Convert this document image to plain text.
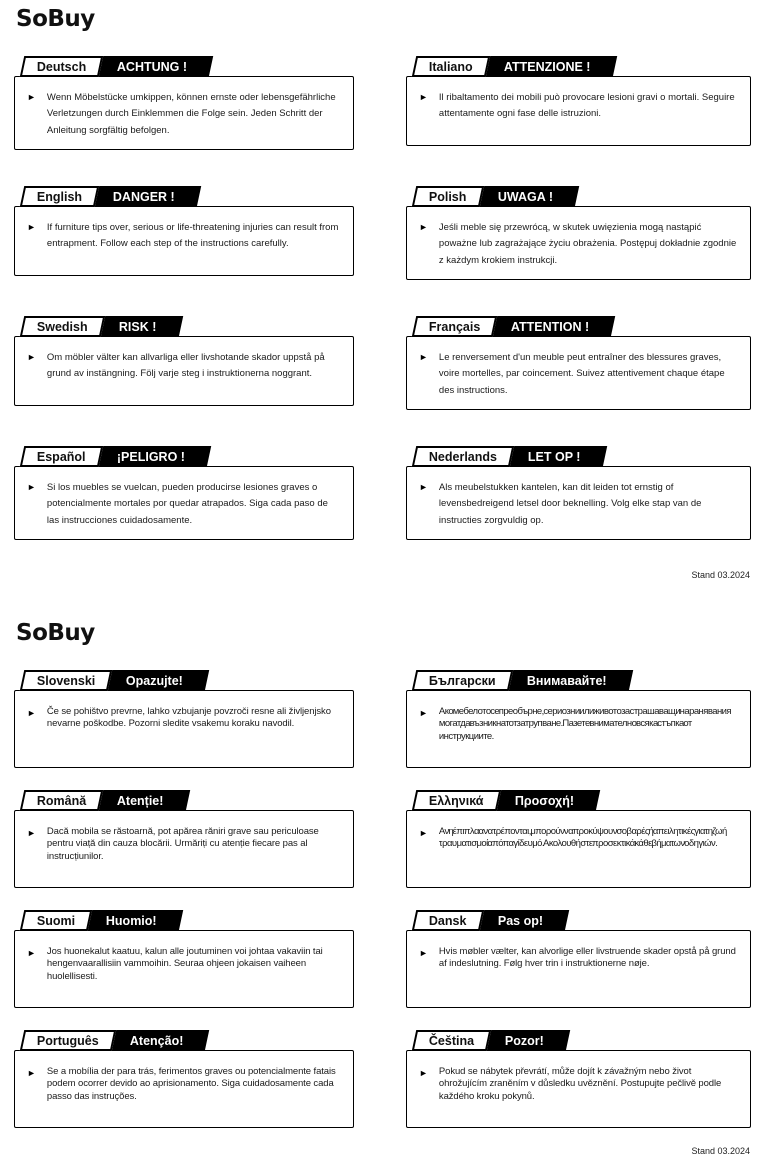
SoBuy
Deutsch ACHTUNG !
► Wenn Möbelstücke umkippen, können ernste oder lebensgefährliche Verletzungen durch Einklemmen die Folge sein. Jeden Schritt der Anleitung sorgfältig befolgen.

Italiano ATTENZIONE !
► Il ribaltamento dei mobili può provocare lesioni gravi o mortali. Seguire attentamente ogni fase delle istruzioni.

English DANGER !
► If furniture tips over, serious or life-threatening injuries can result from entrapment. Follow each step of the instructions carefully.

Polish UWAGA !
► Jeśli meble się przewrócą, w skutek uwięzienia mogą nastąpić poważne lub zagrażające życiu obrażenia. Postępuj dokładnie zgodnie z każdym krokiem instrukcji.

Swedish RISK !
► Om möbler välter kan allvarliga eller livshotande skador uppstå på grund av instängning. Följ varje steg i instruktionerna noggrant.

Français ATTENTION !
► Le renversement d'un meuble peut entraîner des blessures graves, voire mortelles, par coincement. Suivez attentivement chaque étape des instructions.

Español ¡PELIGRO !
► Si los muebles se vuelcan, pueden producirse lesiones graves o potencialmente mortales por quedar atrapados. Siga cada paso de las instrucciones cuidadosamente.

Nederlands LET OP !
► Als meubelstukken kantelen, kan dit leiden tot ernstig of levensbedreigend letsel door beknelling. Volg elke stap van de instructies zorgvuldig op.

Stand 03.2024
SoBuy
Slovenski Opazujte!
► Če se pohištvo prevrne, lahko vzbujanje povzroči resne ali življenjsko nevarne poškodbe. Pozorni sledite vsakemu koraku navodil.

Български Внимавайте!
► Ако мебелото се преобърне, сериозни или животозастрашаващи наранявания могат да възникнат от затрупване. Пазете внимателно всяка стъпка от инструкциите.

Română Atenție!
► Dacă mobila se răstoarnă, pot apărea răniri grave sau periculoase pentru viață din cauza blocării. Urmăriți cu atenție fiecare pas al instrucțiunilor.

Ελληνικά Προσοχή!
► Αν η έπιπλα ανατρέπονται, μπορούν να προκύψουν σοβαρές ή απειλητικές για τη ζωή τραυματισμοί από παγίδευμό. Ακολουθήστε προσεκτικά κάθε βήμα των οδηγιών.

Suomi Huomio!
► Jos huonekalut kaatuu, kalun alle joutuminen voi johtaa vakaviin tai hengenvaarallisiin vammoihin. Seuraa ohjeen jokaisen vaiheen huolellisesti.

Dansk Pas op!
► Hvis møbler vælter, kan alvorlige eller livstruende skader opstå på grund af indeslutning. Følg hver trin i instruktionerne nøje.

Português Atenção!
► Se a mobília der para trás, ferimentos graves ou potencialmente fatais podem ocorrer devido ao aprisionamento. Siga cuidadosamente cada passo das instruções.

Čeština Pozor!
► Pokud se nábytek převrátí, může dojít k závažným nebo život ohrožujícím zraněním v důsledku uvěznění. Postupujte pečlivě podle každého kroku pokynů.

Stand 03.2024
